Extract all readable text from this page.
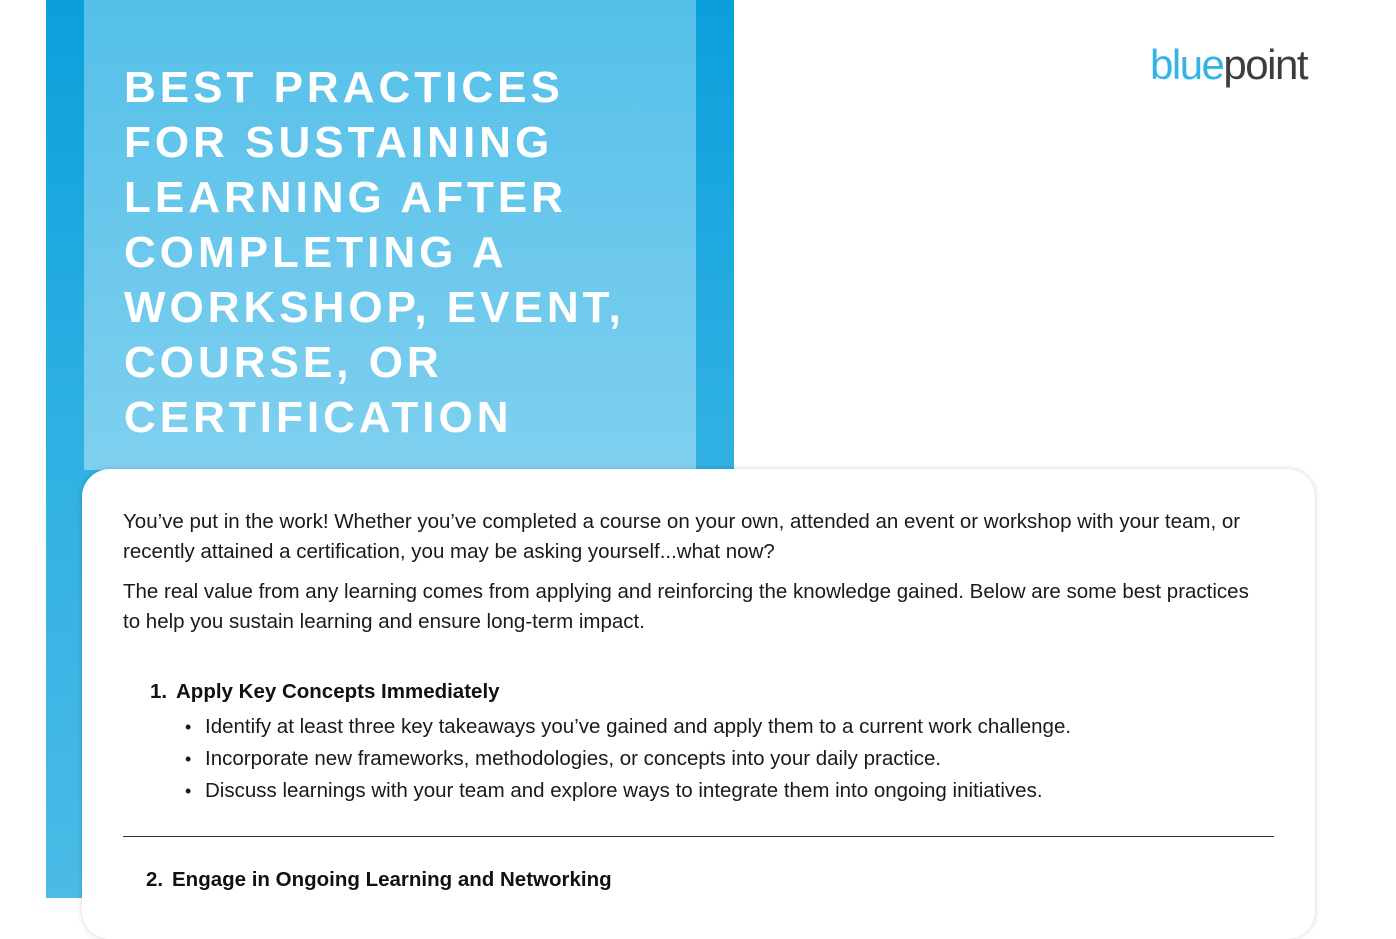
BEST PRACTICES
FOR SUSTAINING
LEARNING AFTER
COMPLETING A
WORKSHOP, EVENT,
COURSE, OR
CERTIFICATION
bluepoint

You’ve put in the work! Whether you’ve completed a course on your own, attended an event or workshop with your team, or recently attained a certification, you may be asking yourself...what now?

The real value from any learning comes from applying and reinforcing the knowledge gained. Below are some best practices to help you sustain learning and ensure long-term impact.

1. Apply Key Concepts Immediately
• Identify at least three key takeaways you’ve gained and apply them to a current work challenge.
• Incorporate new frameworks, methodologies, or concepts into your daily practice.
• Discuss learnings with your team and explore ways to integrate them into ongoing initiatives.
2. Engage in Ongoing Learning and Networking
